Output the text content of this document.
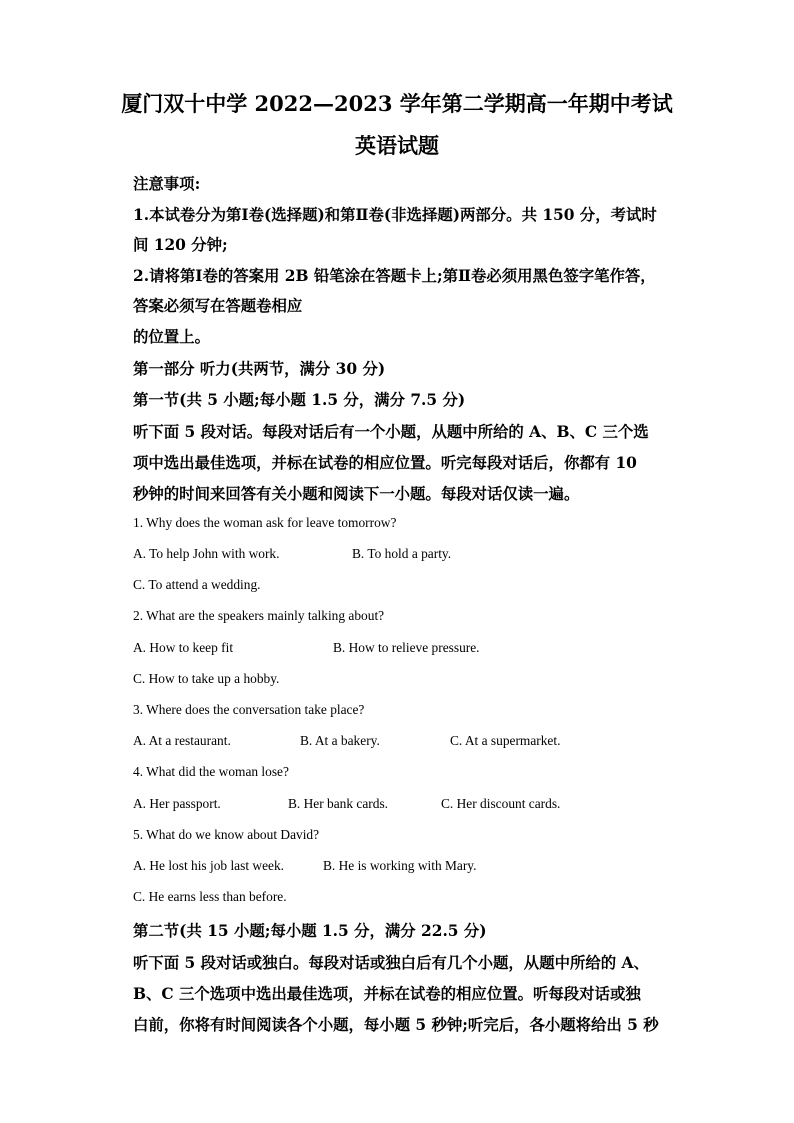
厦门双十中学 2022—2023 学年第二学期高一年期中考试
英语试题
注意事项:
1.本试卷分为第Ⅰ卷(选择题)和第Ⅱ卷(非选择题)两部分。共 150 分，考试时
间 120 分钟;
2.请将第Ⅰ卷的答案用 2B 铅笔涂在答题卡上;第Ⅱ卷必须用黑色签字笔作答，
答案必须写在答题卷相应
的位置上。
第一部分 听力(共两节，满分 30 分)
第一节(共 5 小题;每小题 1.5 分，满分 7.5 分)
听下面 5 段对话。每段对话后有一个小题，从题中所给的 A、B、C 三个选
项中选出最佳选项，并标在试卷的相应位置。听完每段对话后，你都有 10
秒钟的时间来回答有关小题和阅读下一小题。每段对话仅读一遍。
1. Why does the woman ask for leave tomorrow?
A. To help John with work.	B. To hold a party.
C. To attend a wedding.
2. What are the speakers mainly talking about?
A. How to keep fit	B. How to relieve pressure.
C. How to take up a hobby.
3. Where does the conversation take place?
A. At a restaurant.	B. At a bakery.	C. At a supermarket.
4. What did the woman lose?
A. Her passport.	B. Her bank cards.	C. Her discount cards.
5. What do we know about David?
A. He lost his job last week.	B. He is working with Mary.
C. He earns less than before.
第二节(共 15 小题;每小题 1.5 分，满分 22.5 分)
听下面 5 段对话或独白。每段对话或独白后有几个小题，从题中所给的 A、
B、C 三个选项中选出最佳选项，并标在试卷的相应位置。听每段对话或独
白前，你将有时间阅读各个小题，每小题 5 秒钟;听完后，各小题将给出 5 秒
